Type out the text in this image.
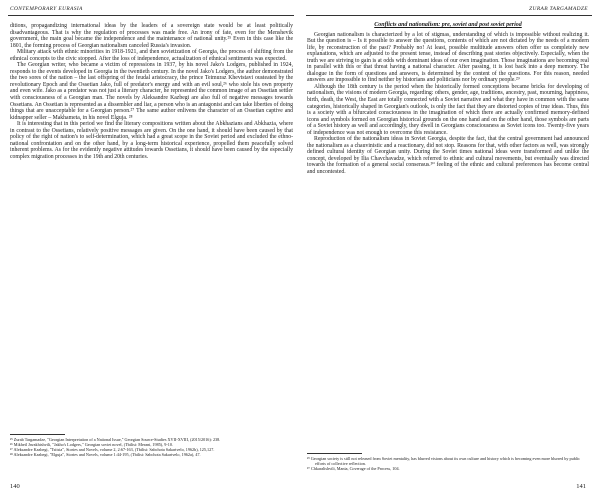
CONTEMPORARY EURASIA

ditions, propagandizing international ideas by the leaders of a sovereign state would be at least politically disadvantageous. That is why the regulation of processes was made free. An irony of fate, even for the Menshevik government, the main goal became the independence and the maintenance of national unity.²⁵ Even in this case like the 1801, the forming process of Georgian nationalism canceled Russia's invasion.

Military attack with ethnic minorities in 1918-1921, and then sovietization of Georgia, the process of shifting from the ethnical concepts to the civic stopped. After the loss of independence, actualization of ethnical sentiments was expected.

The Georgian writer, who became a victim of repressions in 1937, by his novel Jako's Lodgers, published in 1924, responds to the events developed in Georgia in the twentieth century. In the novel Jako's Lodgers, the author demonstrated the two sores of the nation – the last offspring of the feudal aristocracy, the prince Teimuraz Khevistavi ousteated by the revolutionary Epoch and the Ossetian Jako, full of predator's energy and with an evil soul,²⁶ who stole his own property and even wife. Jako as a predator was not just a literary character, he represented the common image of an Ossetian settler with consciousness of a Georgian man. The novels by Aleksandre Kazbegi are also full of negative messages towards Ossetians. An Ossetian is represented as a dissembler and liar, a person who is an antagonist and can take liberties of doing things that are unacceptable for a Georgian person.²⁷ The same author enlivens the character of an Ossetian captive and kidnapper seller – Makhameta, in his novel Elguja. ²⁸

It is interesting that in this period we find the literary compositions written about the Abkhazians and Abkhazia, where in contrast to the Ossetians, relatively positive messages are given. On the one hand, it should have been caused by that policy of the right of nation's to self-determination, which had a great scope in the Soviet period and excluded the ethno-national confrontation and on the other hand, by a long-term historical experience, propelled them peacefully solved inherent problems. As for the evidently negative attitudes towards Ossetians, it should have been caused by the especially complex migration processes in the 19th and 20th centuries.

²⁵ Zurab Targamadze, "Georgian Interpretation of a National Issue," Georgian Source-Studies XVII-XVIII, (2015/2016): 238.
²⁶ Mikheil Javakhishvili, "Jakho's Lodgers," Georgian soviet novel, (Tbilisi: Merani, 1985), 9-10.
²⁷ Aleksandre Kazbegi, "Tsitsia", Stories and Novels, volume 2, 2:67-163, (Tbilisi: Sabchota Sakartvelo, 1962b), 125,127.
²⁸ Aleksandre Kazbegi, "Elguja", Stories and Novels, volume 1:44-195, (Tbilisi: Sabchota Sakartvelo, 1962a), 47.
140
ZURAB TARGAMADZE
Conflicts and nationalism: pre, soviet and post soviet period

Georgian nationalism is characterized by a lot of stigmas, understanding of which is impossible without realizing it. But the question is – Is it possible to answer the questions, contents of which are not dictated by the needs of a modern life, by reconstruction of the past? Probably no! At least, possible multitude answers often offer us completely new explanations, which are adjusted to the present tense, instead of describing past stories objectively. Especially, when the truth we are striving to gain is at odds with dominant ideas of our own imagination. Those imaginations are becoming real in parallel with this or that threat having a national character. After passing, it is lost back into a deep memory. The dialogue in the form of questions and answers, is determined by the content of the questions. For this reason, needed answers are impossible to find neither by historians and politicians nor by ordinary people.²⁹

Although the 18th century is the period when the historically formed conceptions became bricks for developing of nationalism, the visions of modern Georgia, regarding: others, gender, age, traditions, ancestry, past, mourning, happiness, birth, death, the West, the East are totally connected with a Soviet narrative and what they have in common with the same categories, historically shaped in Georgian's outlook, is only the fact that they are distorted copies of true ideas. Thus, this is a society with a bifurcated consciousness in the imagination of which there are actually confirmed memory-defined icons and symbols formed on Georgian historical grounds on the one hand and on the other hand, those symbols are parts of a Soviet history as well and accordingly, they dwell in Georgians consciousness as Soviet icons too. Twenty-five years of independence was not enough to overcome this resistance.

Reproduction of the nationalism ideas in Soviet Georgia, despite the fact, that the central government had announced the nationalism as a chauvinistic and a reactionary, did not stop. Reasons for that, with other factors as well, was strongly defined cultural identity of Georgian unity. During the Soviet times national ideas were transformed and unlike the concept, developed by Ilia Chavchavadze, which referred to ethnic and cultural movements, but eventually was directed towards the formation of a general social consensus.³⁰ feeling of the ethnic and cultural preferences has become central and uncontested.

²⁹ Georgian society is still not released from Soviet mentality, has blurred visions about its own culture and history which is becoming even more blurred by public efforts of collective reflection.
³⁰ Chkaralishvili, Mania, Coverage of the Process, 104.
141
